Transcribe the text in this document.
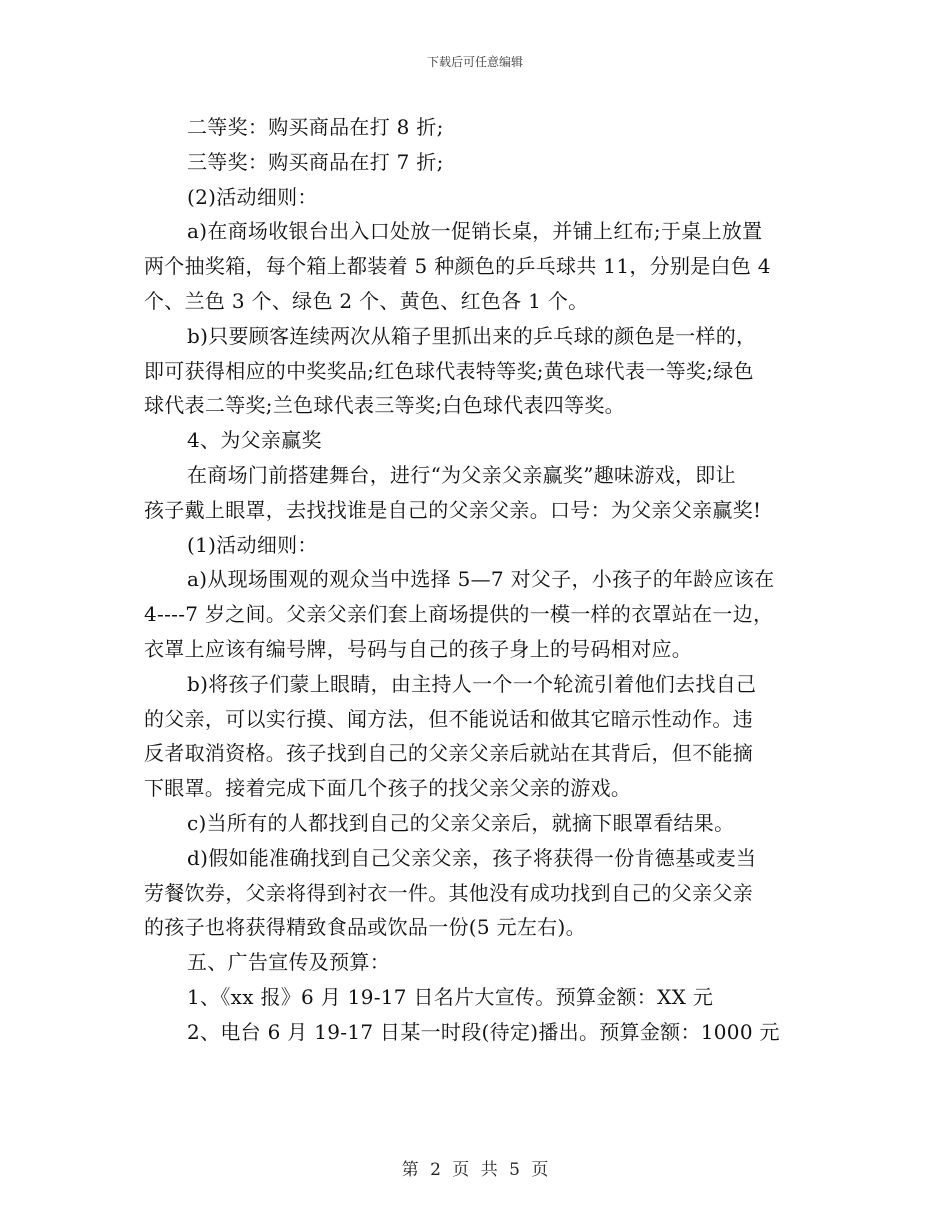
下载后可任意编辑
二等奖：购买商品在打 8 折;
三等奖：购买商品在打 7 折;
(2)活动细则：
a)在商场收银台出入口处放一促销长桌，并铺上红布;于桌上放置
两个抽奖箱，每个箱上都装着 5 种颜色的乒乓球共 11，分别是白色 4
个、兰色 3 个、绿色 2 个、黄色、红色各 1 个。
b)只要顾客连续两次从箱子里抓出来的乒乓球的颜色是一样的，
即可获得相应的中奖奖品;红色球代表特等奖;黄色球代表一等奖;绿色
球代表二等奖;兰色球代表三等奖;白色球代表四等奖。
4、为父亲赢奖
在商场门前搭建舞台，进行“为父亲父亲赢奖”趣味游戏，即让
孩子戴上眼罩，去找找谁是自己的父亲父亲。口号：为父亲父亲赢奖!
(1)活动细则：
a)从现场围观的观众当中选择 5—7 对父子，小孩子的年龄应该在
4----7 岁之间。父亲父亲们套上商场提供的一模一样的衣罩站在一边，
衣罩上应该有编号牌，号码与自己的孩子身上的号码相对应。
b)将孩子们蒙上眼睛，由主持人一个一个轮流引着他们去找自己
的父亲，可以实行摸、闻方法，但不能说话和做其它暗示性动作。违
反者取消资格。孩子找到自己的父亲父亲后就站在其背后，但不能摘
下眼罩。接着完成下面几个孩子的找父亲父亲的游戏。
c)当所有的人都找到自己的父亲父亲后，就摘下眼罩看结果。
d)假如能准确找到自己父亲父亲，孩子将获得一份肯德基或麦当
劳餐饮券，父亲将得到衬衣一件。其他没有成功找到自己的父亲父亲
的孩子也将获得精致食品或饮品一份(5 元左右)。
五、广告宣传及预算：
1、《xx 报》6 月 19-17 日名片大宣传。预算金额：XX 元
2、电台 6 月 19-17 日某一时段(待定)播出。预算金额：1000 元
第 2 页 共 5 页
